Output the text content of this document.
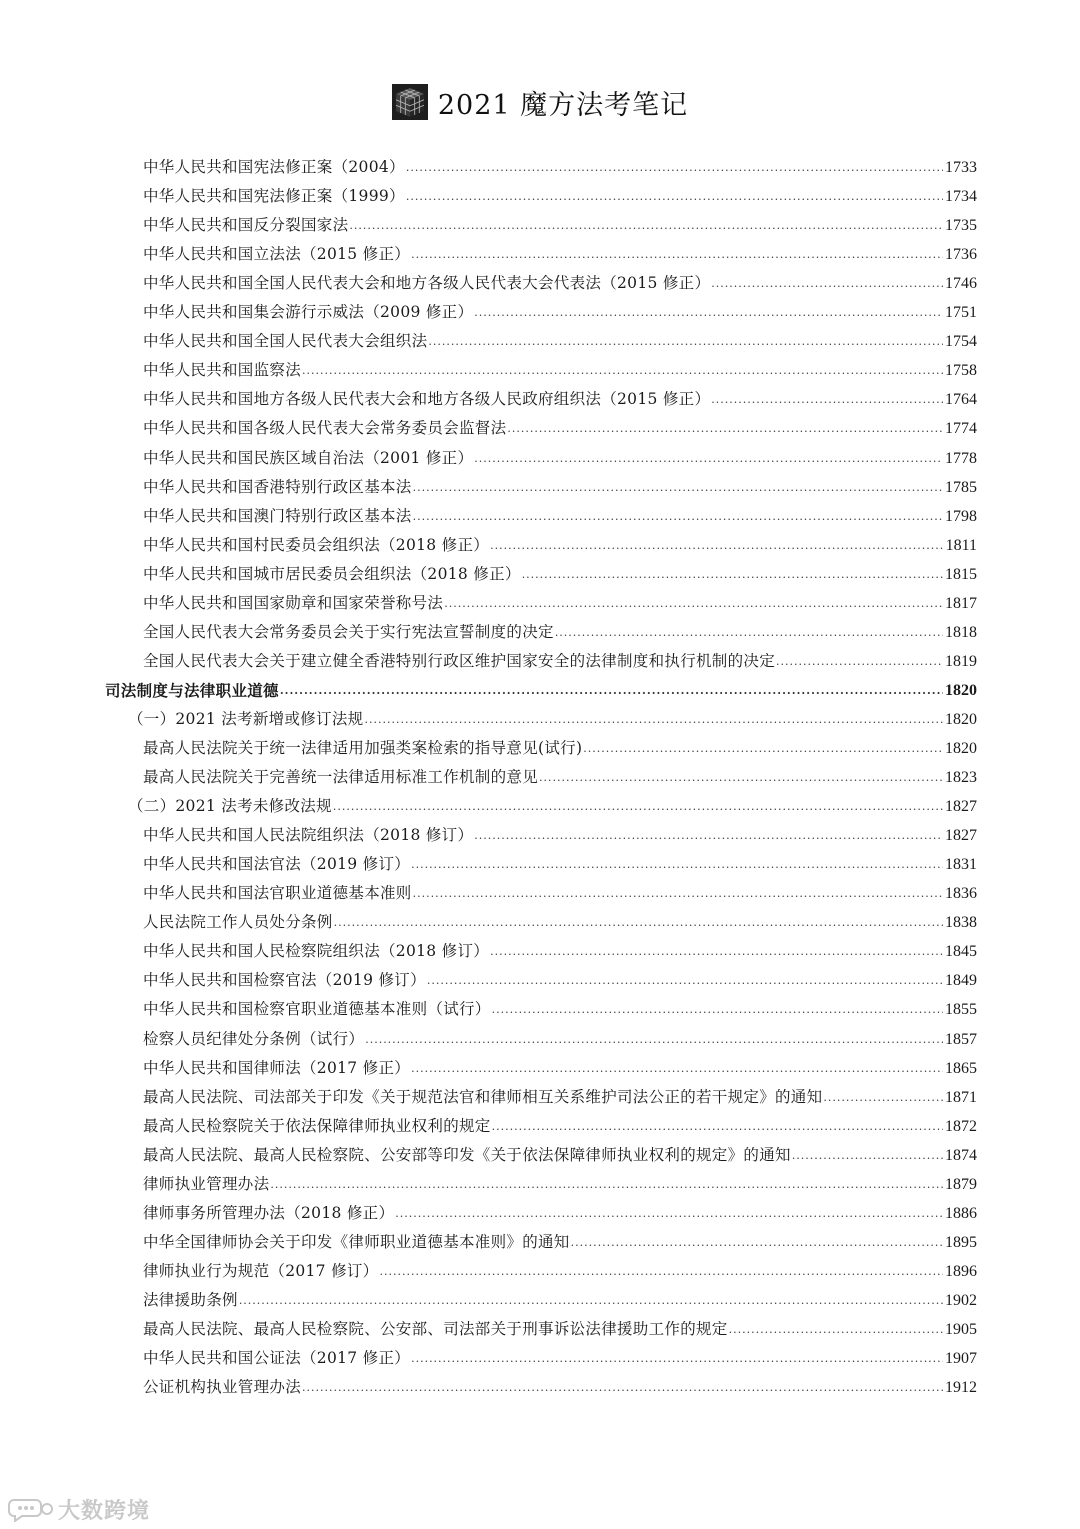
2021 魔方法考笔记
中华人民共和国宪法修正案（2004） .....	1733
中华人民共和国宪法修正案（1999） .....	1734
中华人民共和国反分裂国家法 .....	1735
中华人民共和国立法法（2015 修正） .....	1736
中华人民共和国全国人民代表大会和地方各级人民代表大会代表法（2015 修正） .....	1746
中华人民共和国集会游行示威法（2009 修正） .....	1751
中华人民共和国全国人民代表大会组织法 .....	1754
中华人民共和国监察法 .....	1758
中华人民共和国地方各级人民代表大会和地方各级人民政府组织法（2015 修正） .....	1764
中华人民共和国各级人民代表大会常务委员会监督法 .....	1774
中华人民共和国民族区域自治法（2001 修正） .....	1778
中华人民共和国香港特别行政区基本法 .....	1785
中华人民共和国澳门特别行政区基本法 .....	1798
中华人民共和国村民委员会组织法（2018 修正） .....	1811
中华人民共和国城市居民委员会组织法（2018 修正） .....	1815
中华人民共和国国家勋章和国家荣誉称号法 .....	1817
全国人民代表大会常务委员会关于实行宪法宣誓制度的决定 .....	1818
全国人民代表大会关于建立健全香港特别行政区维护国家安全的法律制度和执行机制的决定 .....	1819
司法制度与法律职业道德 .....	1820
（一）2021 法考新增或修订法规 .....	1820
最高人民法院关于统一法律适用加强类案检索的指导意见(试行) .....	1820
最高人民法院关于完善统一法律适用标准工作机制的意见 .....	1823
（二）2021 法考未修改法规 .....	1827
中华人民共和国人民法院组织法（2018 修订） .....	1827
中华人民共和国法官法（2019 修订） .....	1831
中华人民共和国法官职业道德基本准则 .....	1836
人民法院工作人员处分条例 .....	1838
中华人民共和国人民检察院组织法（2018 修订） .....	1845
中华人民共和国检察官法（2019 修订） .....	1849
中华人民共和国检察官职业道德基本准则（试行） .....	1855
检察人员纪律处分条例（试行） .....	1857
中华人民共和国律师法（2017 修正） .....	1865
最高人民法院、司法部关于印发《关于规范法官和律师相互关系维护司法公正的若干规定》的通知 .....	1871
最高人民检察院关于依法保障律师执业权利的规定 .....	1872
最高人民法院、最高人民检察院、公安部等印发《关于依法保障律师执业权利的规定》的通知 .....	1874
律师执业管理办法 .....	1879
律师事务所管理办法（2018 修正） .....	1886
中华全国律师协会关于印发《律师职业道德基本准则》的通知 .....	1895
律师执业行为规范（2017 修订） .....	1896
法律援助条例 .....	1902
最高人民法院、最高人民检察院、公安部、司法部关于刑事诉讼法律援助工作的规定 .....	1905
中华人民共和国公证法（2017 修正） .....	1907
公证机构执业管理办法 .....	1912
大数跨境
